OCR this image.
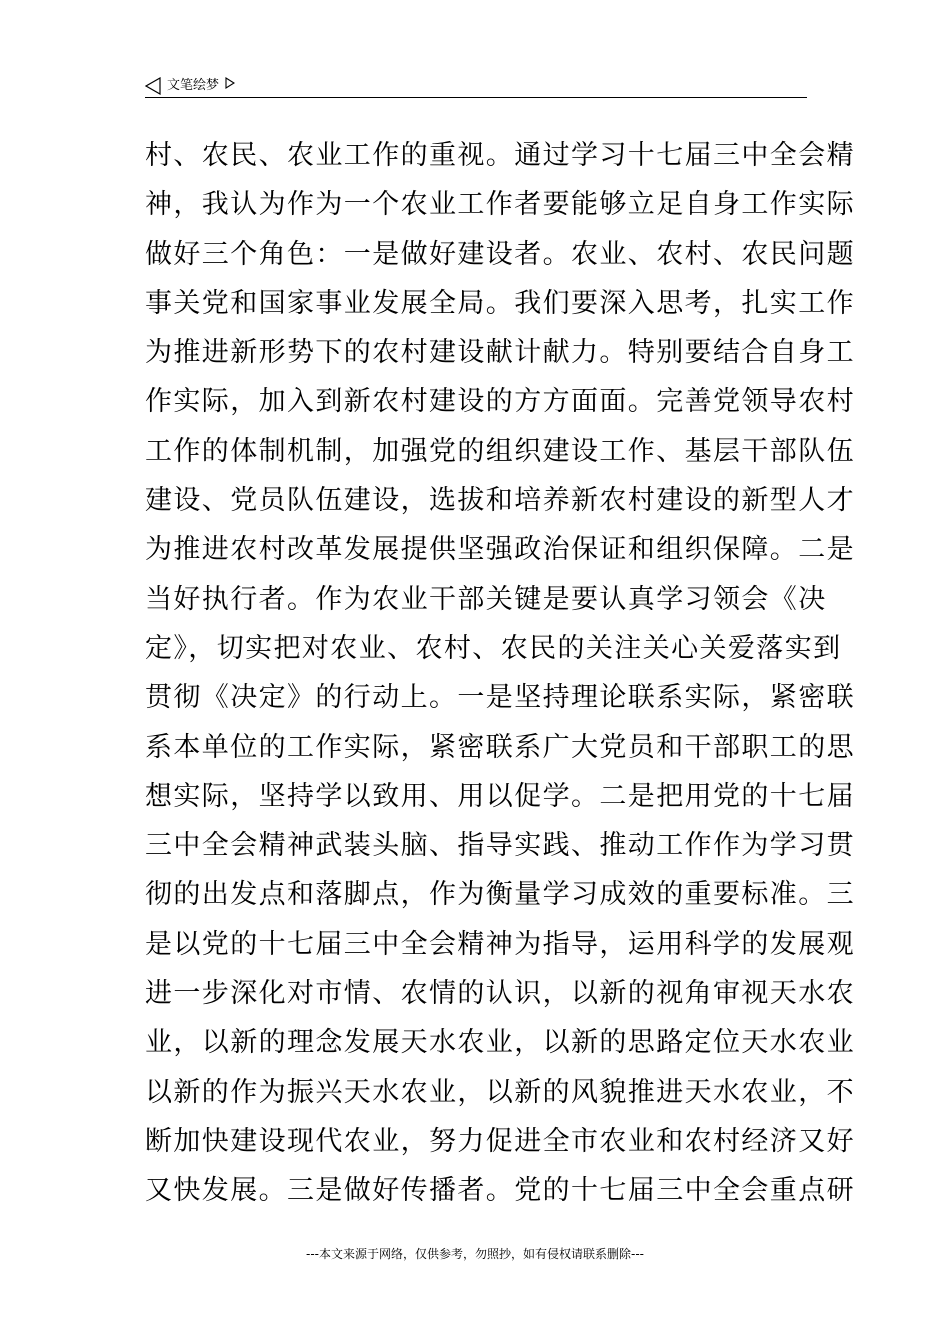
文笔绘梦
村、农民、农业工作的重视。通过学习十七届三中全会精
神，我认为作为一个农业工作者要能够立足自身工作实际
做好三个角色：一是做好建设者。农业、农村、农民问题
事关党和国家事业发展全局。我们要深入思考，扎实工作
为推进新形势下的农村建设献计献力。特别要结合自身工
作实际，加入到新农村建设的方方面面。完善党领导农村
工作的体制机制，加强党的组织建设工作、基层干部队伍
建设、党员队伍建设，选拔和培养新农村建设的新型人才
为推进农村改革发展提供坚强政治保证和组织保障。二是
当好执行者。作为农业干部关键是要认真学习领会《决
定》，切实把对农业、农村、农民的关注关心关爱落实到
贯彻《决定》的行动上。一是坚持理论联系实际，紧密联
系本单位的工作实际，紧密联系广大党员和干部职工的思
想实际，坚持学以致用、用以促学。二是把用党的十七届
三中全会精神武装头脑、指导实践、推动工作作为学习贯
彻的出发点和落脚点，作为衡量学习成效的重要标准。三
是以党的十七届三中全会精神为指导，运用科学的发展观
进一步深化对市情、农情的认识，以新的视角审视天水农
业，以新的理念发展天水农业，以新的思路定位天水农业
以新的作为振兴天水农业，以新的风貌推进天水农业，不
断加快建设现代农业，努力促进全市农业和农村经济又好
又快发展。三是做好传播者。党的十七届三中全会重点研
---本文来源于网络，仅供参考，勿照抄，如有侵权请联系删除---
